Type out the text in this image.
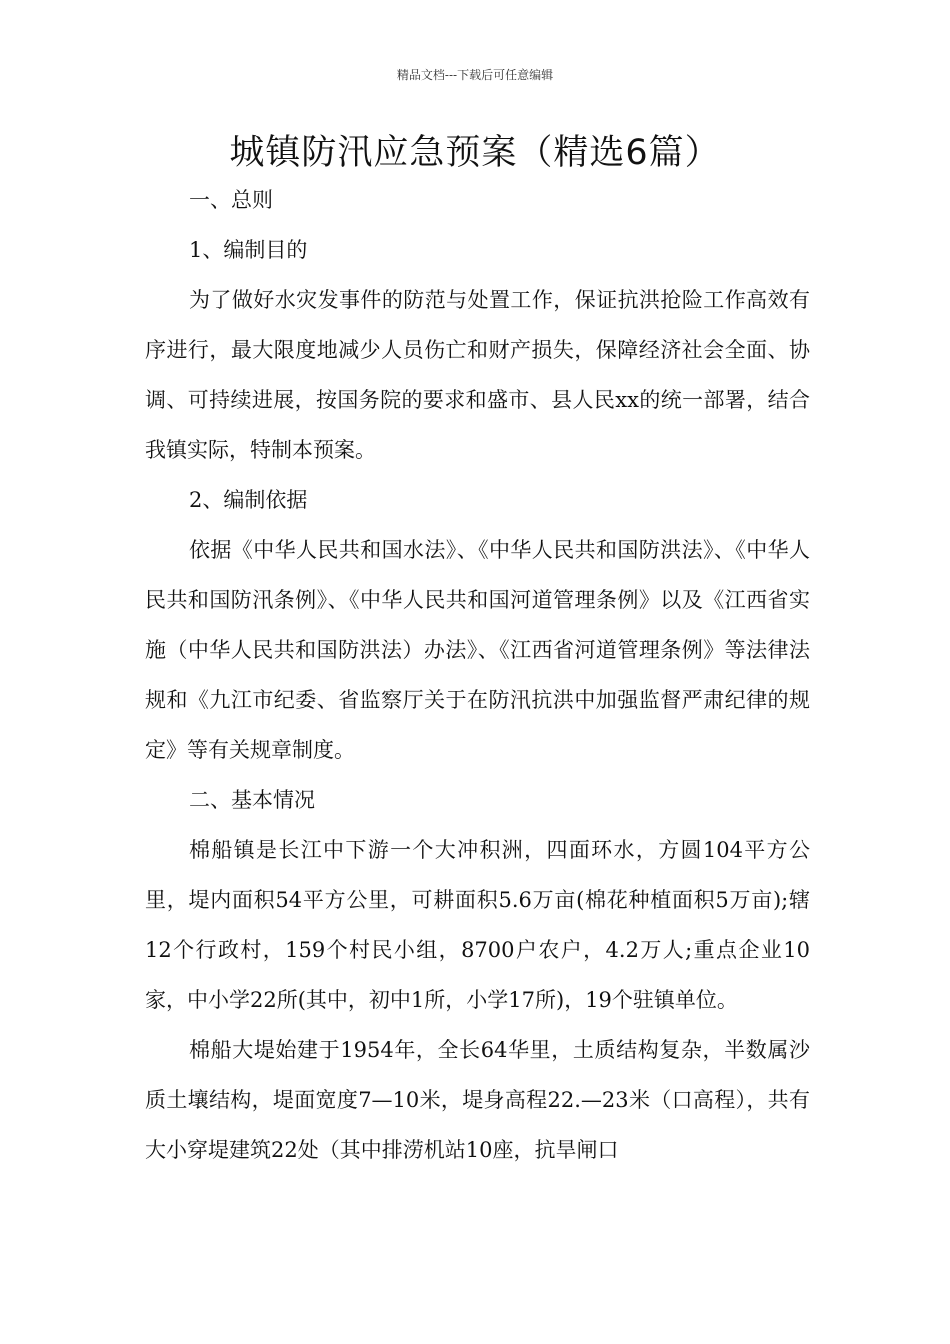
精品文档---下载后可任意编辑
城镇防汛应急预案（精选6篇）

一、总则

1、编制目的

为了做好水灾发事件的防范与处置工作，保证抗洪抢险工作高效有序进行，最大限度地减少人员伤亡和财产损失，保障经济社会全面、协调、可持续进展，按国务院的要求和盛市、县人民xx的统一部署，结合我镇实际，特制本预案。

2、编制依据

依据《中华人民共和国水法》、《中华人民共和国防洪法》、《中华人民共和国防汛条例》、《中华人民共和国河道管理条例》以及《江西省实施（中华人民共和国防洪法）办法》、《江西省河道管理条例》等法律法规和《九江市纪委、省监察厅关于在防汛抗洪中加强监督严肃纪律的规定》等有关规章制度。

二、基本情况

棉船镇是长江中下游一个大冲积洲，四面环水，方圆104平方公里，堤内面积54平方公里，可耕面积5.6万亩(棉花种植面积5万亩);辖12个行政村，159个村民小组，8700户农户，4.2万人;重点企业10家，中小学22所(其中，初中1所，小学17所)，19个驻镇单位。

棉船大堤始建于1954年，全长64华里，土质结构复杂，半数属沙质土壤结构，堤面宽度7—10米，堤身高程22.—23米（口高程），共有大小穿堤建筑22处（其中排涝机站10座，抗旱闸口
